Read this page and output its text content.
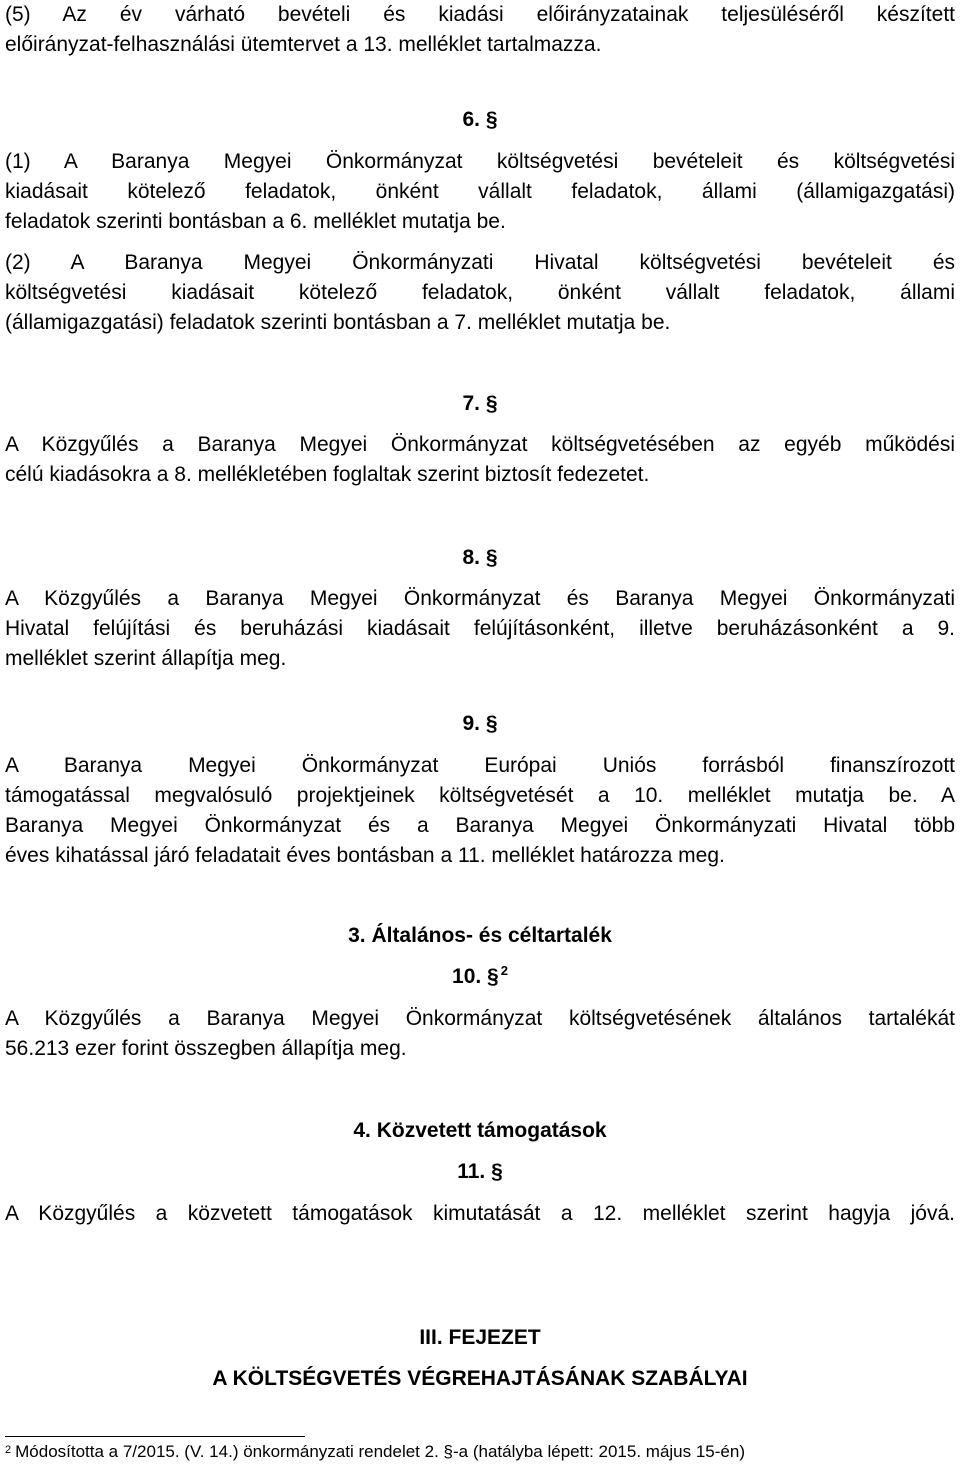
(5) Az év várható bevételi és kiadási előirányzatainak teljesüléséről készített
előirányzat-felhasználási ütemtervet a 13. melléklet tartalmazza.
6. §
(1) A Baranya Megyei Önkormányzat költségvetési bevételeit és költségvetési
kiadásait kötelező feladatok, önként vállalt feladatok, állami (államigazgatási)
feladatok szerinti bontásban a 6. melléklet mutatja be.
(2) A Baranya Megyei Önkormányzati Hivatal költségvetési bevételeit és
költségvetési kiadásait kötelező feladatok, önként vállalt feladatok, állami
(államigazgatási) feladatok szerinti bontásban a 7. melléklet mutatja be.
7. §
A Közgyűlés a Baranya Megyei Önkormányzat költségvetésében az egyéb működési
célú kiadásokra a 8. mellékletében foglaltak szerint biztosít fedezetet.
8. §
A Közgyűlés a Baranya Megyei Önkormányzat és Baranya Megyei Önkormányzati
Hivatal felújítási és beruházási kiadásait felújításonként, illetve beruházásonként a 9.
melléklet szerint állapítja meg.
9. §
A Baranya Megyei Önkormányzat Európai Uniós forrásból finanszírozott
támogatással megvalósuló projektjeinek költségvetését a 10. melléklet mutatja be. A
Baranya Megyei Önkormányzat és a Baranya Megyei Önkormányzati Hivatal több
éves kihatással járó feladatait éves bontásban a 11. melléklet határozza meg.
3. Általános- és céltartalék
10. § $^2$
A Közgyűlés a Baranya Megyei Önkormányzat költségvetésének általános tartalékát
56.213 ezer forint összegben állapítja meg.
4. Közvetett támogatások
11. §
A Közgyűlés a közvetett támogatások kimutatását a 12. melléklet szerint hagyja jóvá.
III. FEJEZET
A KÖLTSÉGVETÉS VÉGREHAJTÁSÁNAK SZABÁLYAI
$^2$ Módosította a 7/2015. (V. 14.) önkormányzati rendelet 2. §-a (hatályba lépett: 2015. május 15-én)
